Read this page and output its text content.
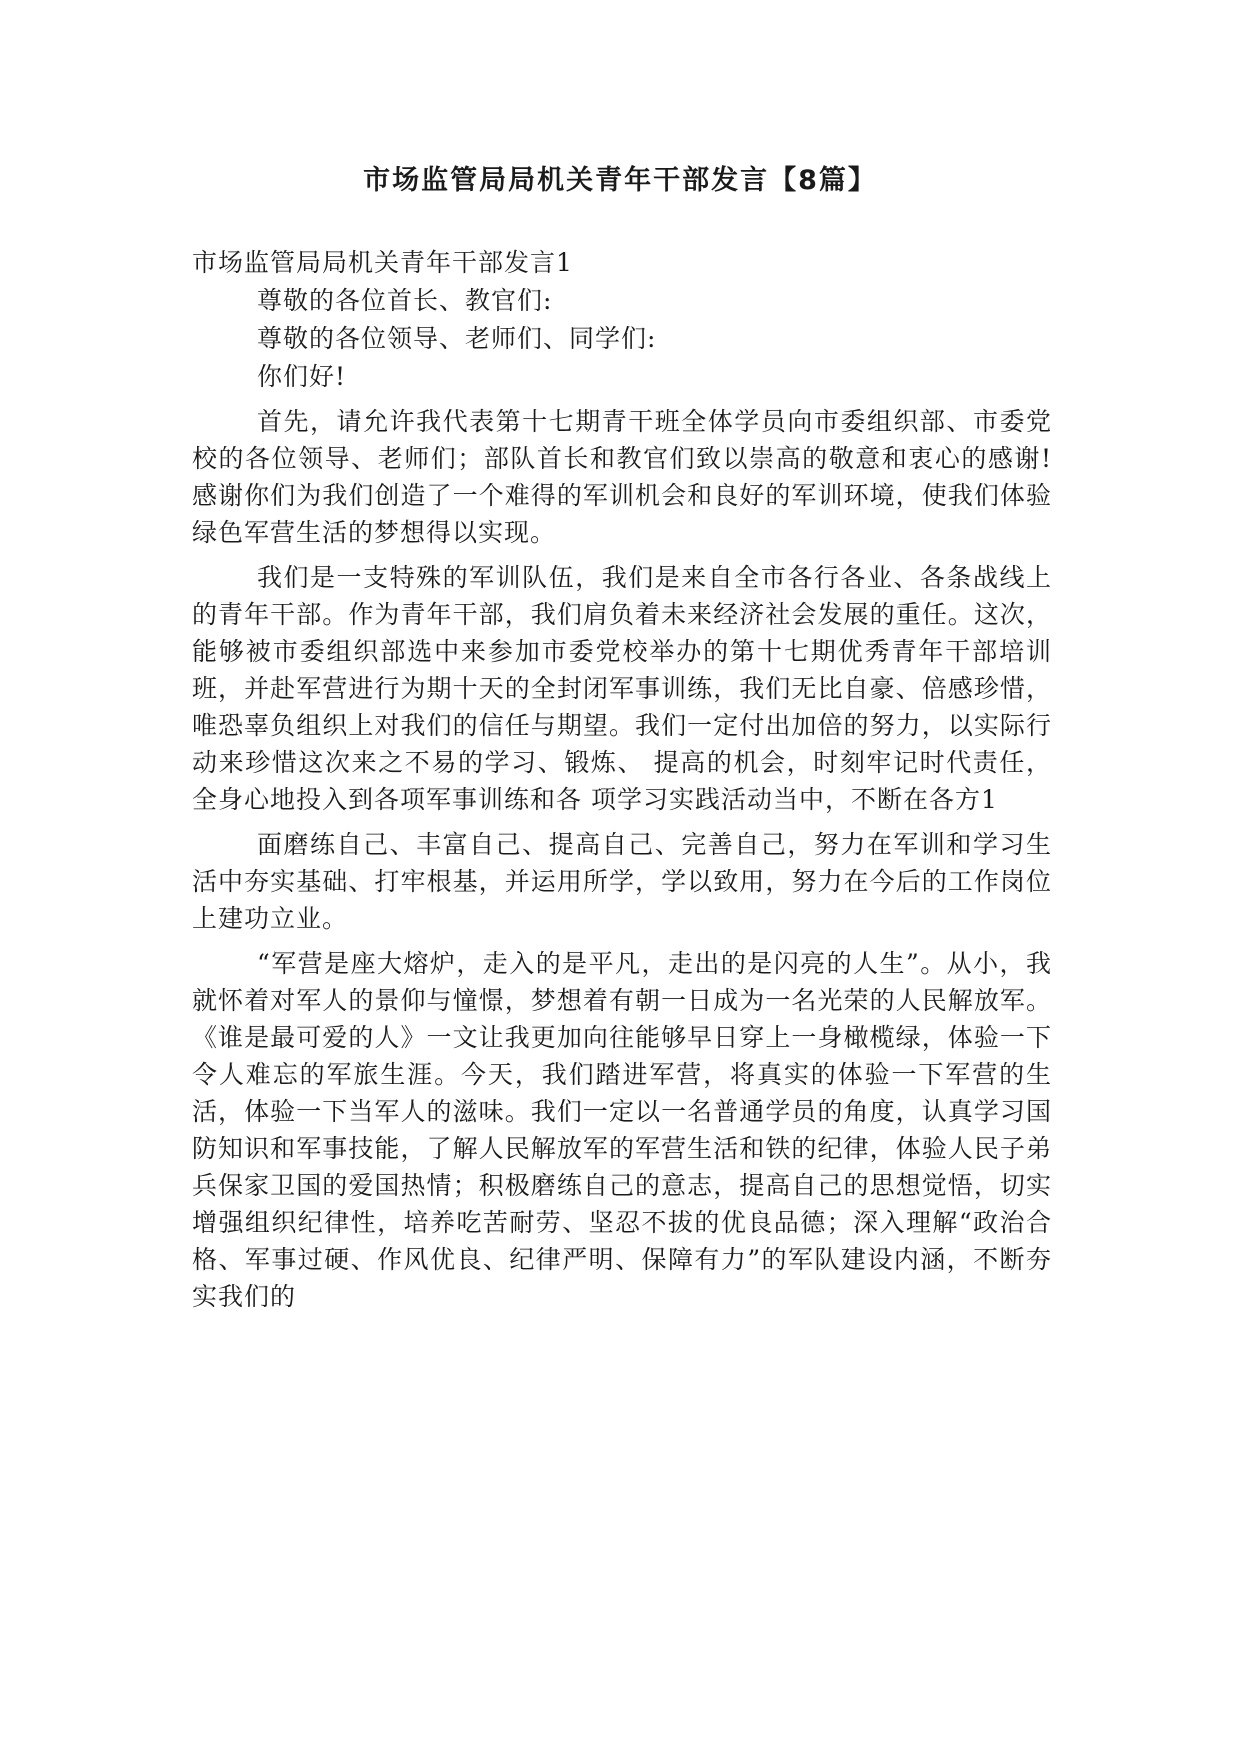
市场监管局局机关青年干部发言【8篇】

市场监管局局机关青年干部发言1

尊敬的各位首长、教官们:

尊敬的各位领导、老师们、同学们:

你们好!

首先，请允许我代表第十七期青干班全体学员向市委组织部、市委党校的各位领导、老师们；部队首长和教官们致以崇高的敬意和衷心的感谢!感谢你们为我们创造了一个难得的军训机会和良好的军训环境，使我们体验绿色军营生活的梦想得以实现。

我们是一支特殊的军训队伍，我们是来自全市各行各业、各条战线上的青年干部。作为青年干部，我们肩负着未来经济社会发展的重任。这次，能够被市委组织部选中来参加市委党校举办的第十七期优秀青年干部培训班，并赴军营进行为期十天的全封闭军事训练，我们无比自豪、倍感珍惜，唯恐辜负组织上对我们的信任与期望。我们一定付出加倍的努力，以实际行动来珍惜这次来之不易的学习、锻炼、 提高的机会，时刻牢记时代责任，全身心地投入到各项军事训练和各 项学习实践活动当中，不断在各方1

面磨练自己、丰富自己、提高自己、完善自己，努力在军训和学习生活中夯实基础、打牢根基，并运用所学，学以致用，努力在今后的工作岗位上建功立业。

“军营是座大熔炉，走入的是平凡，走出的是闪亮的人生”。从小，我就怀着对军人的景仰与憧憬，梦想着有朝一日成为一名光荣的人民解放军。《谁是最可爱的人》一文让我更加向往能够早日穿上一身橄榄绿，体验一下令人难忘的军旅生涯。今天，我们踏进军营，将真实的体验一下军营的生活，体验一下当军人的滋味。我们一定以一名普通学员的角度，认真学习国防知识和军事技能，了解人民解放军的军营生活和铁的纪律，体验人民子弟兵保家卫国的爱国热情；积极磨练自己的意志，提高自己的思想觉悟，切实增强组织纪律性，培养吃苦耐劳、坚忍不拔的优良品德；深入理解“政治合格、军事过硬、作风优良、纪律严明、保障有力”的军队建设内涵，不断夯实我们的
